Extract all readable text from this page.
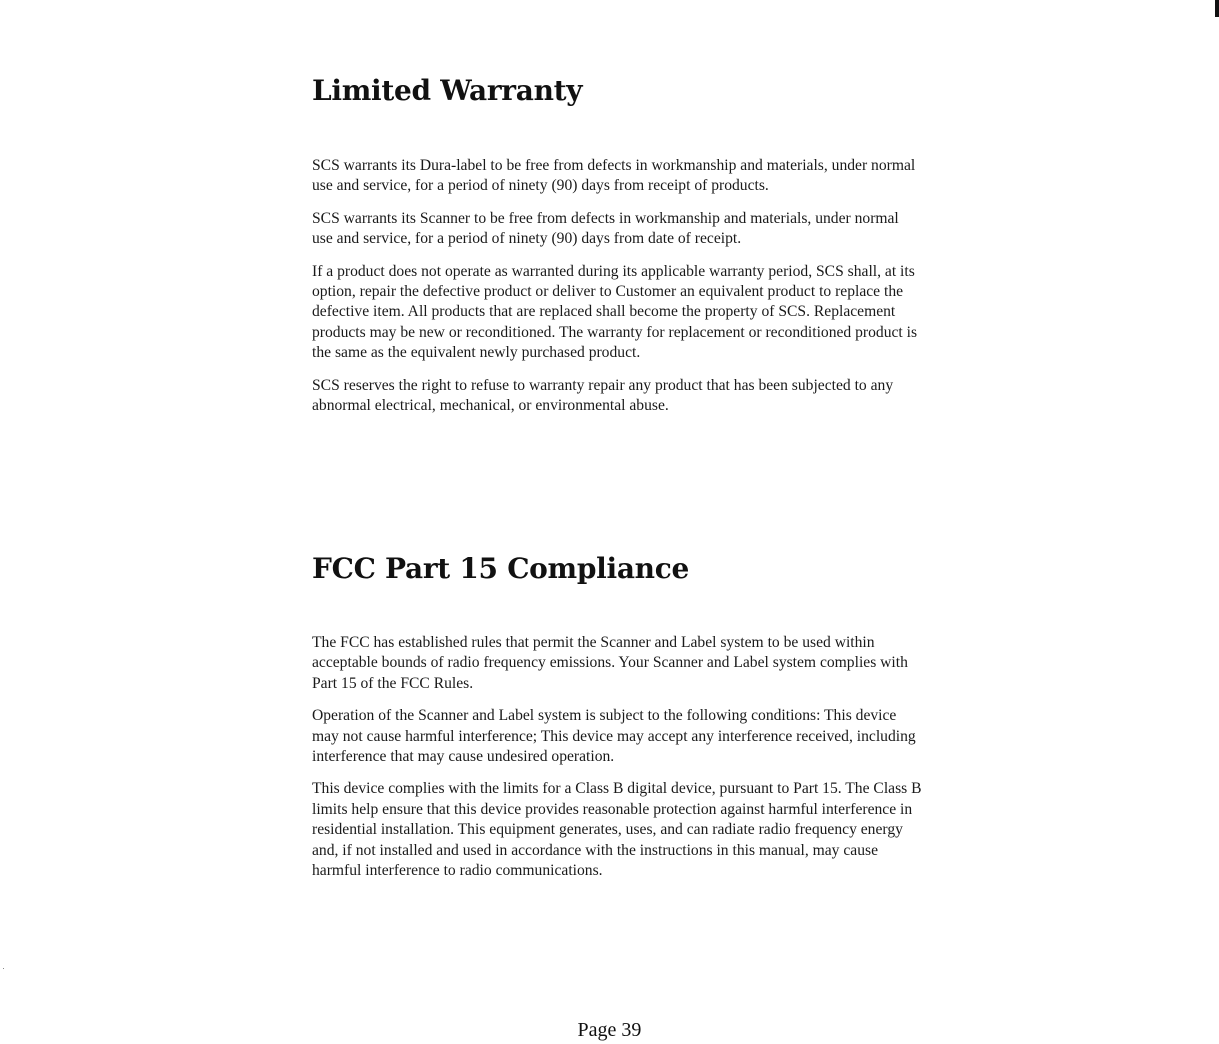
Limited Warranty

SCS warrants its Dura-label to be free from defects in workmanship and materials, under normal use and service, for a period of ninety (90) days from receipt of products.

SCS warrants its Scanner to be free from defects in workmanship and materials, under normal use and service, for a period of ninety (90) days from date of receipt.

If a product does not operate as warranted during its applicable warranty period, SCS shall, at its option, repair the defective product or deliver to Customer an equivalent product to replace the defective item. All products that are replaced shall become the property of SCS. Replacement products may be new or reconditioned. The warranty for replacement or reconditioned product is the same as the equivalent newly purchased product.

SCS reserves the right to refuse to warranty repair any product that has been subjected to any abnormal electrical, mechanical, or environmental abuse.

FCC Part 15 Compliance

The FCC has established rules that permit the Scanner and Label system to be used within acceptable bounds of radio frequency emissions. Your Scanner and Label system complies with Part 15 of the FCC Rules.

Operation of the Scanner and Label system is subject to the following conditions: This device may not cause harmful interference; This device may accept any interference received, including interference that may cause undesired operation.

This device complies with the limits for a Class B digital device, pursuant to Part 15. The Class B limits help ensure that this device provides reasonable protection against harmful interference in residential installation. This equipment generates, uses, and can radiate radio frequency energy and, if not installed and used in accordance with the instructions in this manual, may cause harmful interference to radio communications.

Page 39
